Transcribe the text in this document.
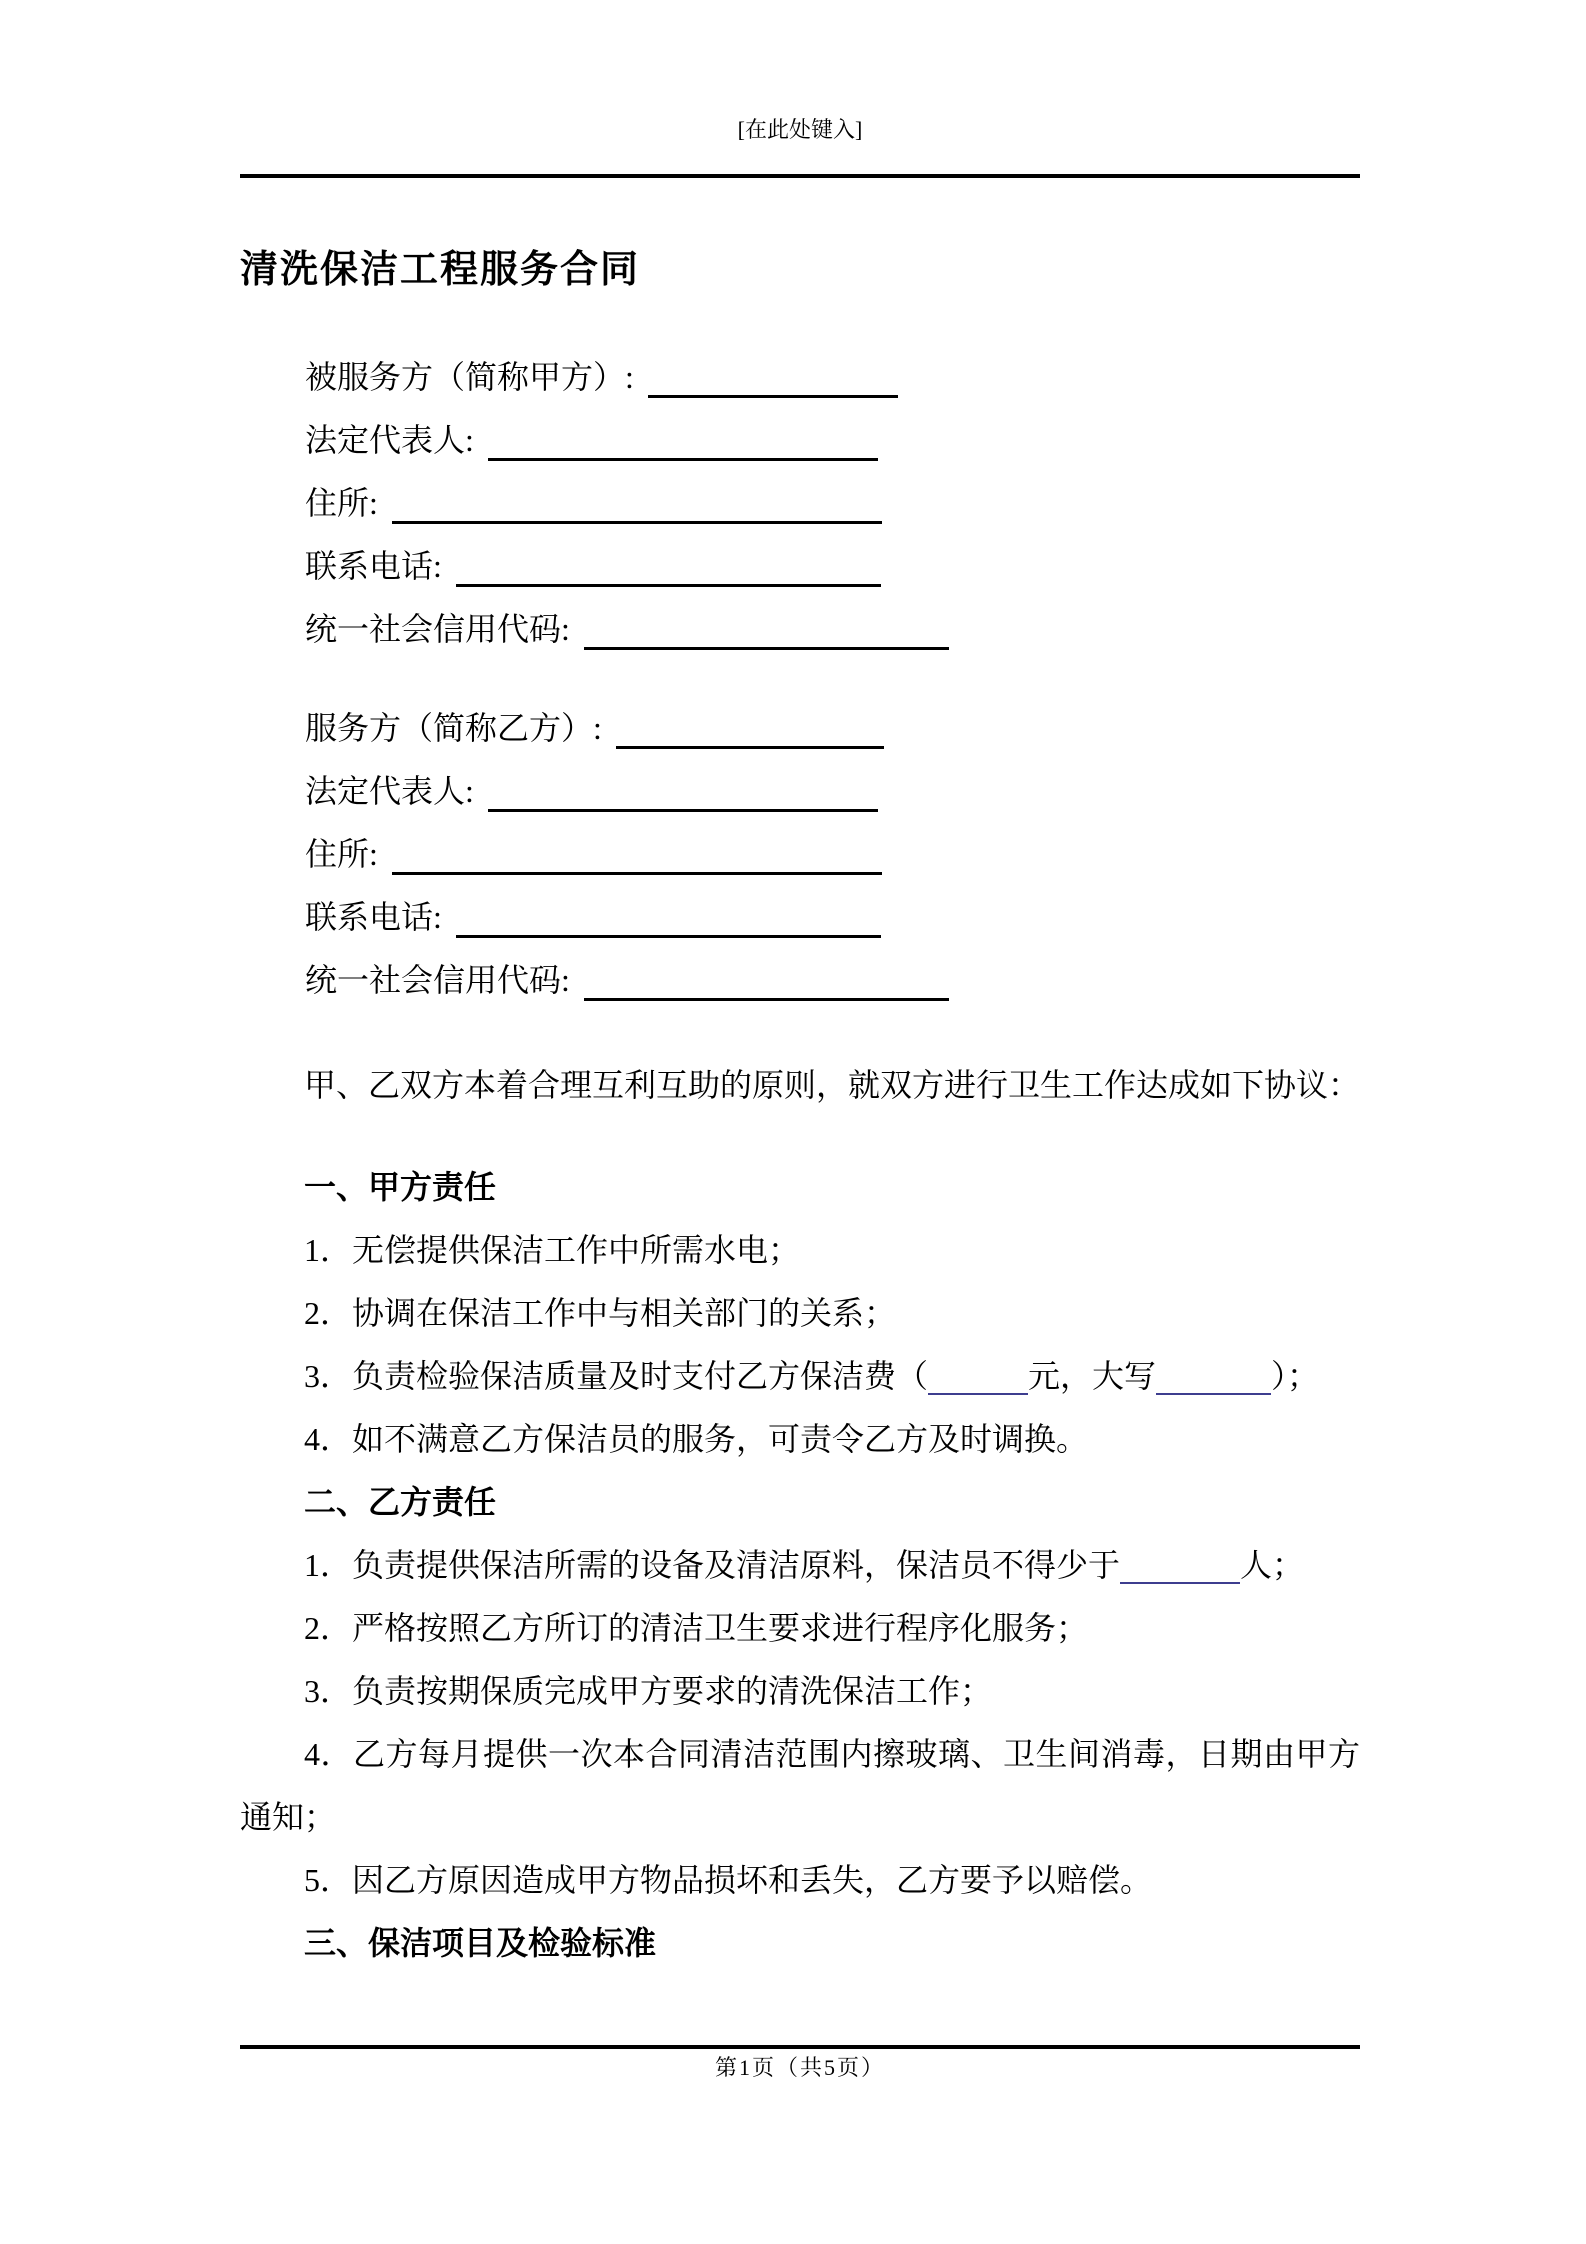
[在此处键入]
清洗保洁工程服务合同

被服务方（简称甲方）:

法定代表人:

住所:

联系电话:

统一社会信用代码:

服务方（简称乙方）:

法定代表人:

住所:

联系电话:

统一社会信用代码:

甲、乙双方本着合理互利互助的原则，就双方进行卫生工作达成如下协议：

一、甲方责任

1．无偿提供保洁工作中所需水电；

2．协调在保洁工作中与相关部门的关系；

3．负责检验保洁质量及时支付乙方保洁费（	元，大写	）；

4．如不满意乙方保洁员的服务，可责令乙方及时调换。

二、乙方责任

1．负责提供保洁所需的设备及清洁原料，保洁员不得少于	人；

2．严格按照乙方所订的清洁卫生要求进行程序化服务；

3．负责按期保质完成甲方要求的清洗保洁工作；

4．乙方每月提供一次本合同清洁范围内擦玻璃、卫生间消毒，日期由甲方通知；

5．因乙方原因造成甲方物品损坏和丢失，乙方要予以赔偿。

三、保洁项目及检验标准

第1页（共5页）
